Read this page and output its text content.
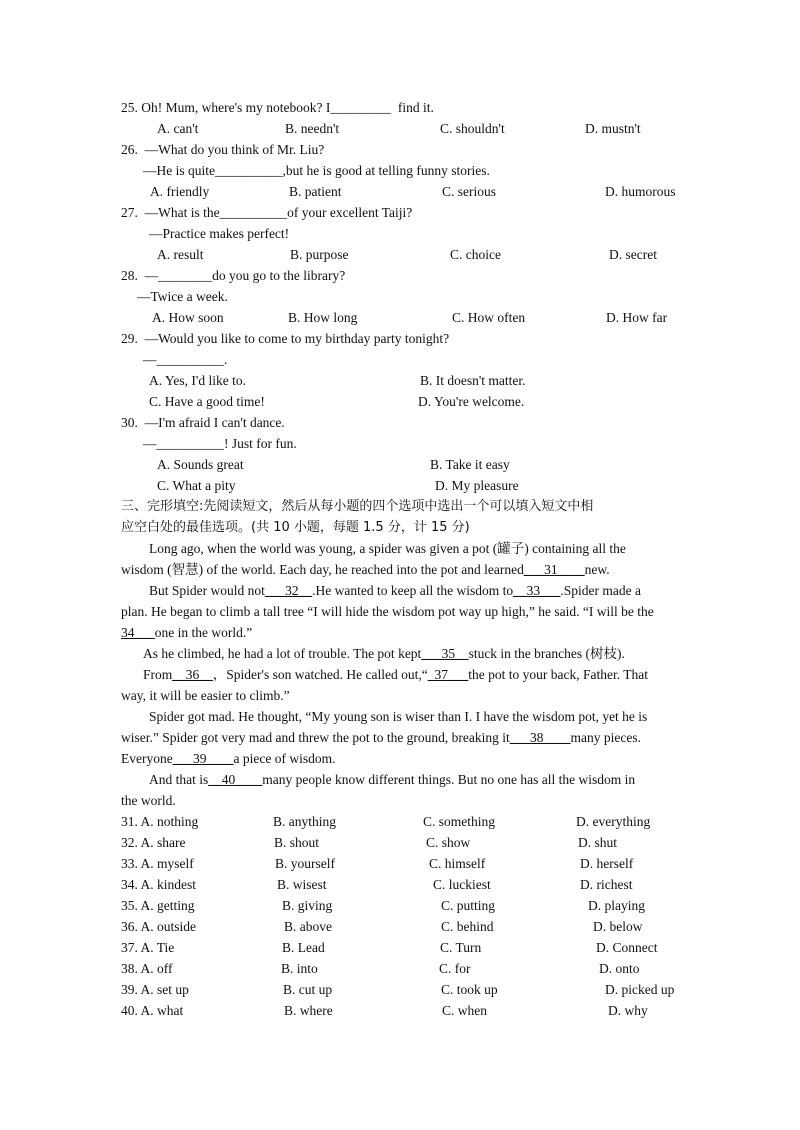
25. Oh! Mum, where's my notebook? I_________  find it.
A. can't	B. needn't	C. shouldn't	D. mustn't
26.  —What do you think of Mr. Liu?
—He is quite__________,but he is good at telling funny stories.
A. friendly	B. patient	C. serious	D. humorous
27.  —What is the__________of your excellent Taiji?
—Practice makes perfect!
A. result	B. purpose	C. choice	D. secret
28.  —________do you go to the library?
—Twice a week.
A. How soon	B. How long	C. How often	D. How far
29.  —Would you like to come to my birthday party tonight?
—__________.
A. Yes, I'd like to.	B. It doesn't matter.
C. Have a good time!	D. You're welcome.
30.  —I'm afraid I can't dance.
—__________! Just for fun.
A. Sounds great	B. Take it easy
C. What a pity	D. My pleasure
三、完形填空:先阅读短文，然后从每小题的四个选项中选出一个可以填入短文中相
应空白处的最佳选项。(共 10 小题，每题 1.5 分，计 15 分)
Long ago, when the world was young, a spider was given a pot (罐子) containing all the
wisdom (智慧) of the world. Each day, he reached into the pot and learned___31____new.
But Spider would not___32__.He wanted to keep all the wisdom to__33___.Spider made a
plan. He began to climb a tall tree “I will hide the wisdom pot way up high,” he said. “I will be the
34___one in the world.”
As he climbed, he had a lot of trouble. The pot kept___35__stuck in the branches (树枝).
From__36__，Spider's son watched. He called out,“_37___the pot to your back, Father. That
way, it will be easier to climb.”
Spider got mad. He thought, “My young son is wiser than I. I have the wisdom pot, yet he is
wiser.” Spider got very mad and threw the pot to the ground, breaking it___38____many pieces.
Everyone___39____a piece of wisdom.
And that is__40____many people know different things. But no one has all the wisdom in
the world.
31. A. nothing	B. anything	C. something	D. everything
32. A. share	B. shout	C. show	D. shut
33. A. myself	B. yourself	C. himself	D. herself
34. A. kindest	B. wisest	C. luckiest	D. richest
35. A. getting	B. giving	C. putting	D. playing
36. A. outside	B. above	C. behind	D. below
37. A. Tie	B. Lead	C. Turn	D. Connect
38. A. off	B. into	C. for	D. onto
39. A. set up	B. cut up	C. took up	D. picked up
40. A. what	B. where	C. when	D. why
